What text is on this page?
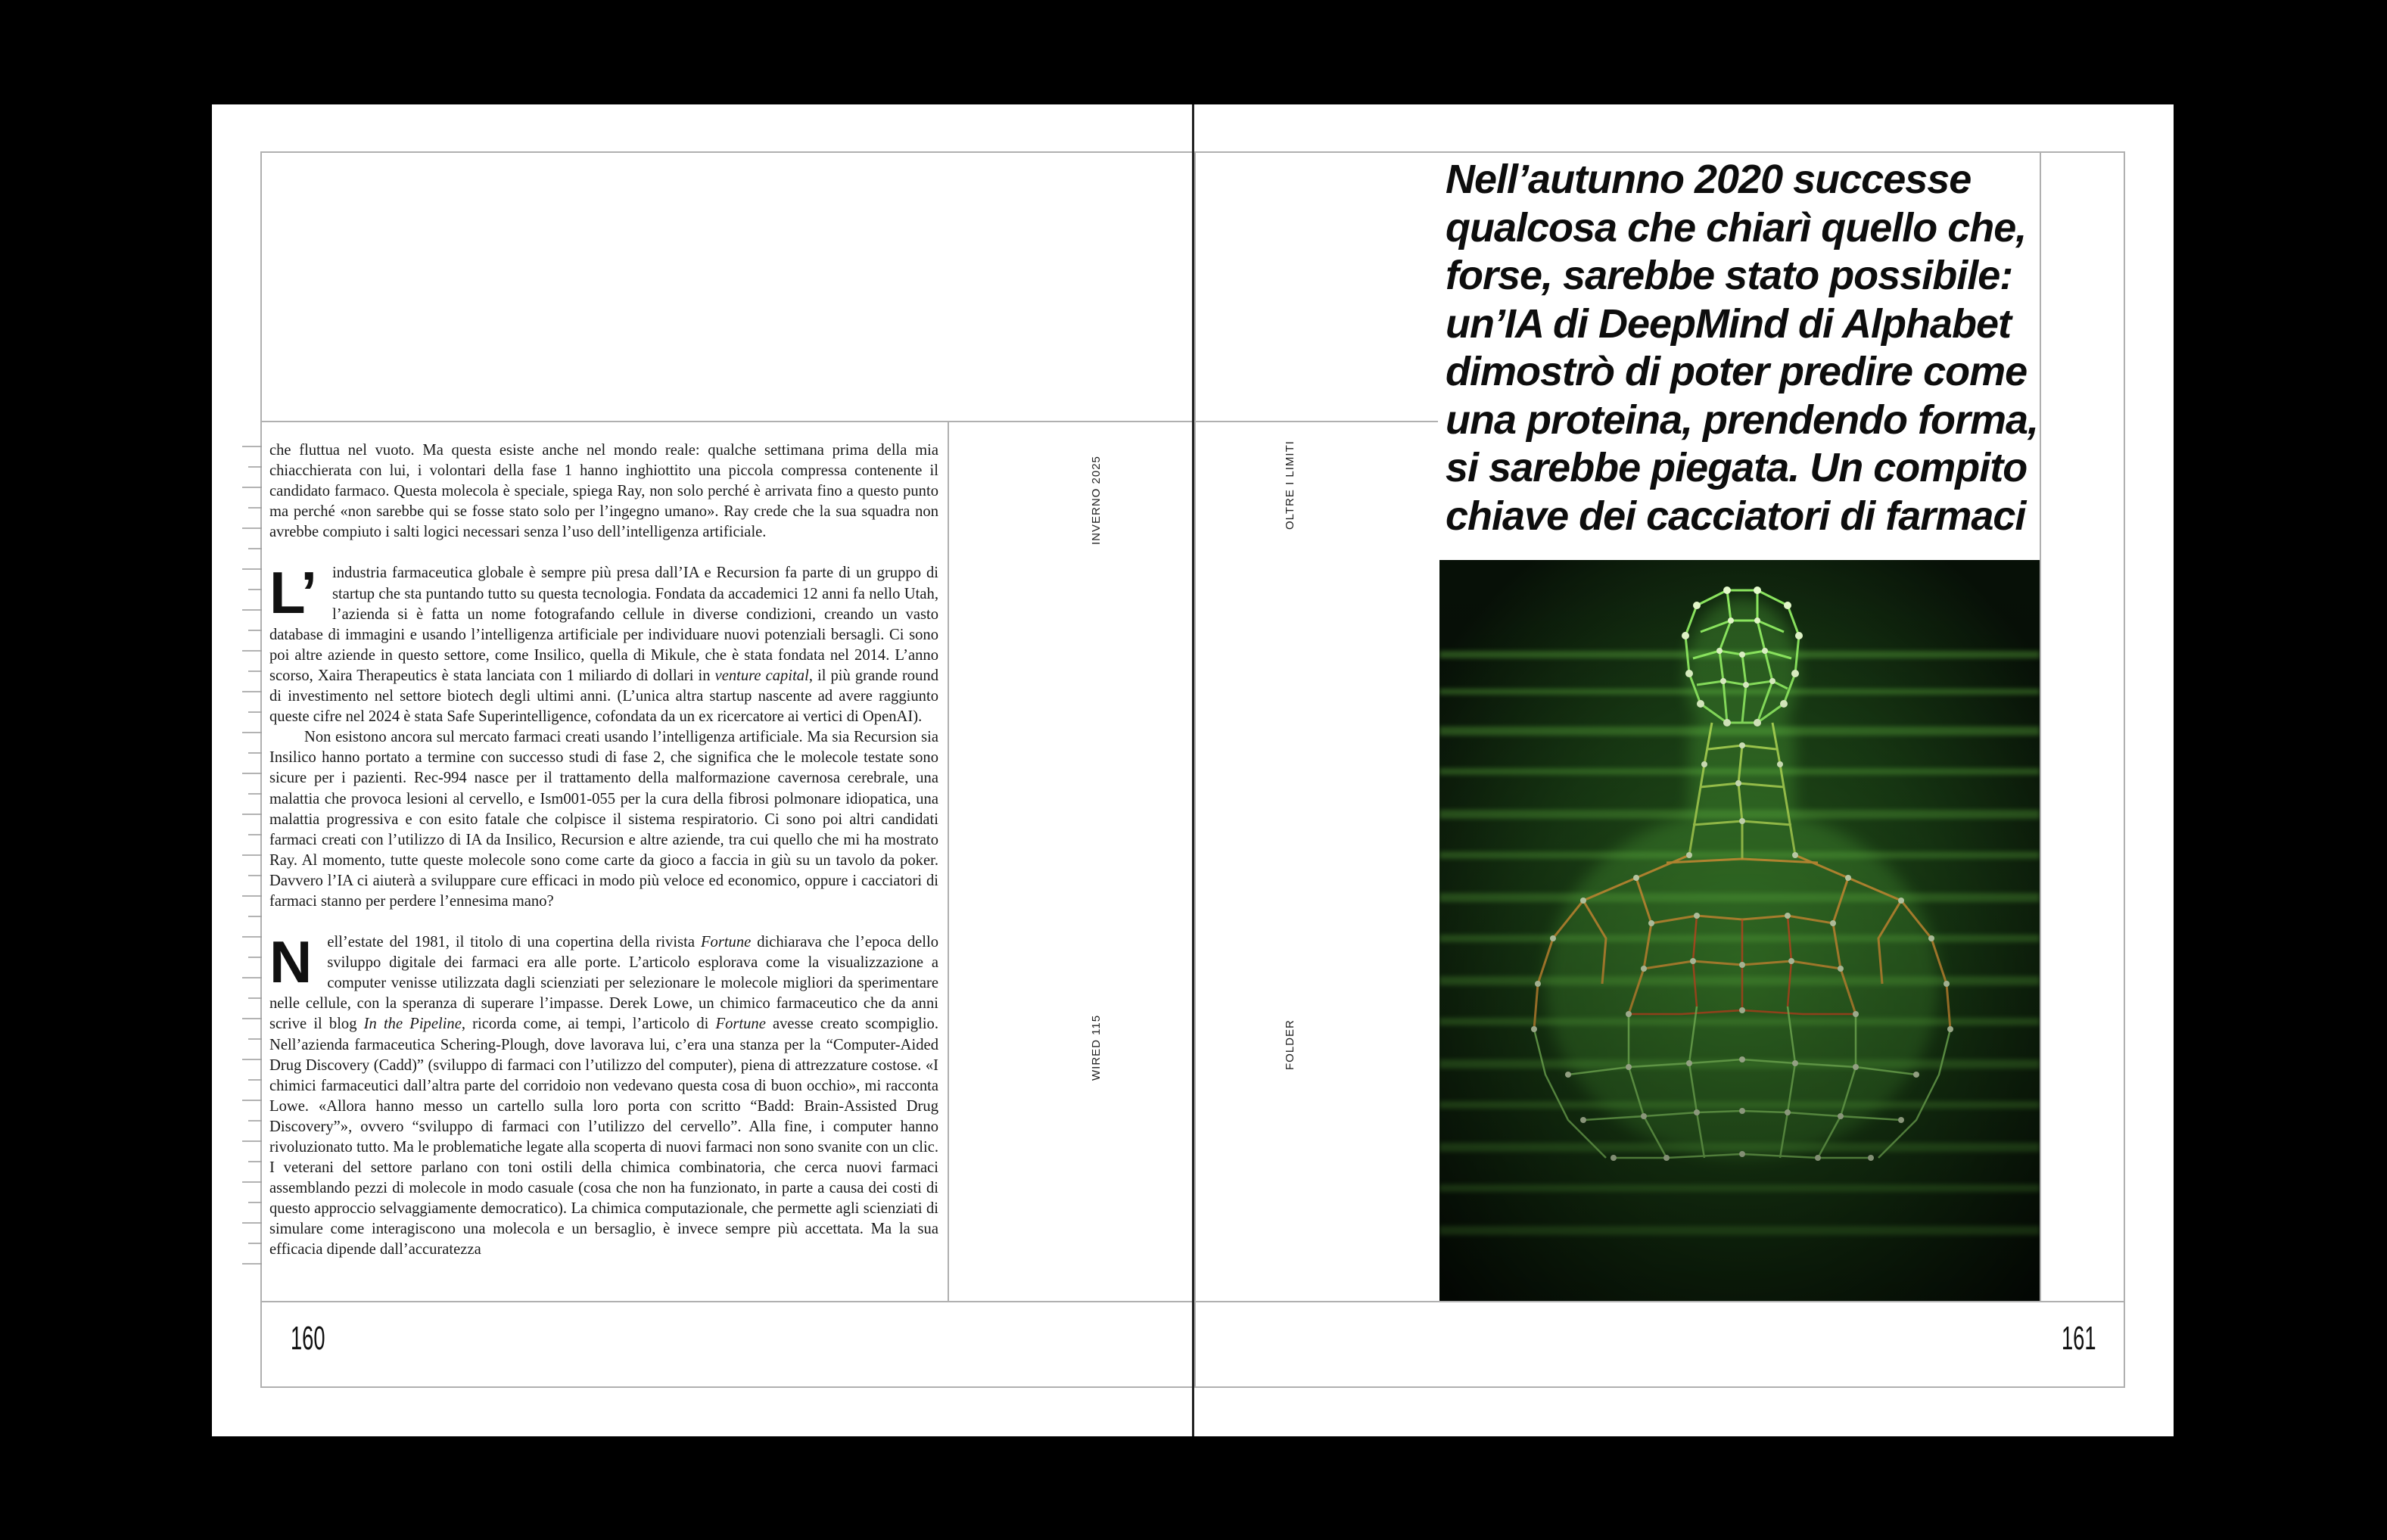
che fluttua nel vuoto. Ma questa esiste anche nel mondo reale: qualche settimana prima della mia chiacchierata con lui, i volontari della fase 1 hanno inghiottito una piccola compressa contenente il candidato farmaco. Questa molecola è speciale, spiega Ray, non solo perché è arrivata fino a questo punto ma perché «non sarebbe qui se fosse stato solo per l’ingegno umano». Ray crede che la sua squadra non avrebbe compiuto i salti logici necessari senza l’uso dell’intelligenza artificiale.

L’ industria farmaceutica globale è sempre più presa dall’IA e Recursion fa parte di un gruppo di startup che sta puntando tutto su questa tecnologia. Fondata da accademici 12 anni fa nello Utah, l’azienda si è fatta un nome fotografando cellule in diverse condizioni, creando un vasto database di immagini e usando l’intelligenza artificiale per individuare nuovi potenziali bersagli. Ci sono poi altre aziende in questo settore, come Insilico, quella di Mikule, che è stata fondata nel 2014. L’anno scorso, Xaira Therapeutics è stata lanciata con 1 miliardo di dollari in venture capital, il più grande round di investimento nel settore biotech degli ultimi anni. (L’unica altra startup nascente ad avere raggiunto queste cifre nel 2024 è stata Safe Superintelligence, cofondata da un ex ricercatore ai vertici di OpenAI).

Non esistono ancora sul mercato farmaci creati usando l’intelligenza artificiale. Ma sia Recursion sia Insilico hanno portato a termine con successo studi di fase 2, che significa che le molecole testate sono sicure per i pazienti. Rec-994 nasce per il trattamento della malformazione cavernosa cerebrale, una malattia che provoca lesioni al cervello, e Ism001-055 per la cura della fibrosi polmonare idiopatica, una malattia progressiva e con esito fatale che colpisce il sistema respiratorio. Ci sono poi altri candidati farmaci creati con l’utilizzo di IA da Insilico, Recursion e altre aziende, tra cui quello che mi ha mostrato Ray. Al momento, tutte queste molecole sono come carte da gioco a faccia in giù su un tavolo da poker. Davvero l’IA ci aiuterà a sviluppare cure efficaci in modo più veloce ed economico, oppure i cacciatori di farmaci stanno per perdere l’ennesima mano?

N ell’estate del 1981, il titolo di una copertina della rivista Fortune dichiarava che l’epoca dello sviluppo digitale dei farmaci era alle porte. L’articolo esplorava come la visualizzazione a computer venisse utilizzata dagli scienziati per selezionare le molecole migliori da sperimentare nelle cellule, con la speranza di superare l’impasse. Derek Lowe, un chimico farmaceutico che da anni scrive il blog In the Pipeline, ricorda come, ai tempi, l’articolo di Fortune avesse creato scompiglio. Nell’azienda farmaceutica Schering-Plough, dove lavorava lui, c’era una stanza per la “Computer-Aided Drug Discovery (Cadd)” (sviluppo di farmaci con l’utilizzo del computer), piena di attrezzature costose. «I chimici farmaceutici dall’altra parte del corridoio non vedevano questa cosa di buon occhio», mi racconta Lowe. «Allora hanno messo un cartello sulla loro porta con scritto “Badd: Brain-Assisted Drug Discovery”», ovvero “sviluppo di farmaci con l’utilizzo del cervello”. Alla fine, i computer hanno rivoluzionato tutto. Ma le problematiche legate alla scoperta di nuovi farmaci non sono svanite con un clic. I veterani del settore parlano con toni ostili della chimica combinatoria, che cerca nuovi farmaci assemblando pezzi di molecole in modo casuale (cosa che non ha funzionato, in parte a causa dei costi di questo approccio selvaggiamente democratico). La chimica computazionale, che permette agli scienziati di simulare come interagiscono una molecola e un bersaglio, è invece sempre più accettata. Ma la sua efficacia dipende dall’accuratezza

INVERNO 2025
WIRED 115
OLTRE I LIMITI
FOLDER
160	161
Nell’autunno 2020 successe qualcosa che chiarì quello che, forse, sarebbe stato possibile: un’IA di DeepMind di Alphabet dimostrò di poter predire come una proteina, prendendo forma, si sarebbe piegata. Un compito chiave dei cacciatori di farmaci
